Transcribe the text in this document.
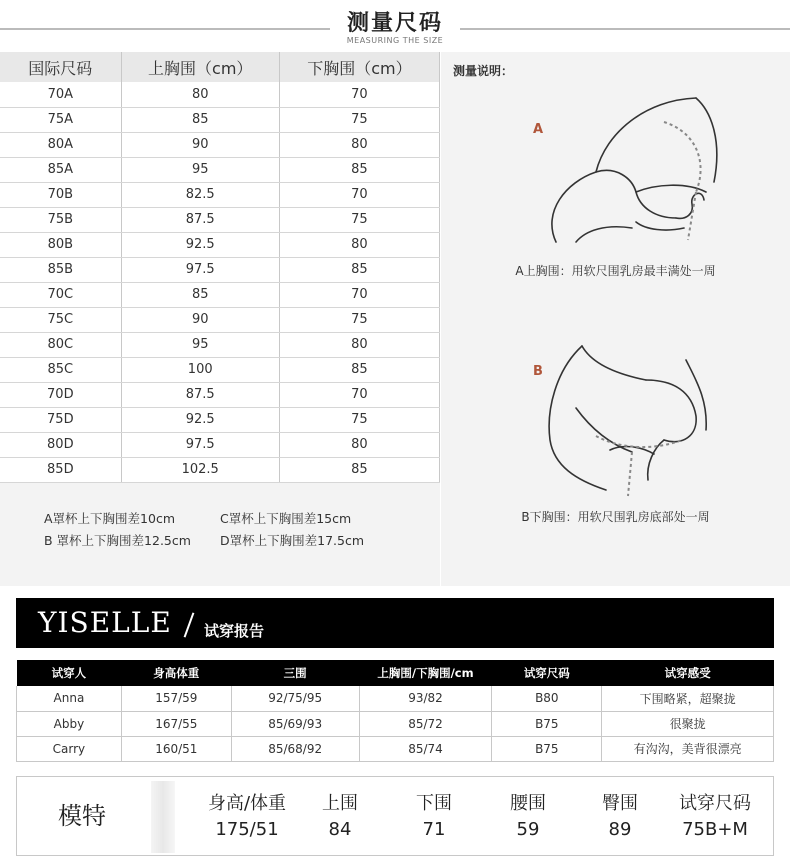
测量尺码
MEASURING THE SIZE
国际尺码	上胸围（cm）	下胸围（cm）
70A	80	70
75A	85	75
80A	90	80
85A	95	85
70B	82.5	70
75B	87.5	75
80B	92.5	80
85B	97.5	85
70C	85	70
75C	90	75
80C	95	80
85C	100	85
70D	87.5	70
75D	92.5	75
80D	97.5	80
85D	102.5	85
A罩杯上下胸围差10cm	C罩杯上下胸围差15cm
B 罩杯上下胸围差12.5cm D罩杯上下胸围差17.5cm
测量说明：
A
A上胸围：用软尺围乳房最丰满处一周
B
B下胸围：用软尺围乳房底部处一周
YISELLE 试穿报告
试穿人	身高体重	三围	上胸围/下胸围/cm	试穿尺码	试穿感受
Anna	157/59	92/75/95	93/82	B80	下围略紧，超聚拢
Abby	167/55	85/69/93	85/72	B75	很聚拢
Carry	160/51	85/68/92	85/74	B75	有沟沟，美背很漂亮
模特	身高/体重
175/51
上围
84
下围
71
腰围
59
臀围
89
试穿尺码
75B+M
